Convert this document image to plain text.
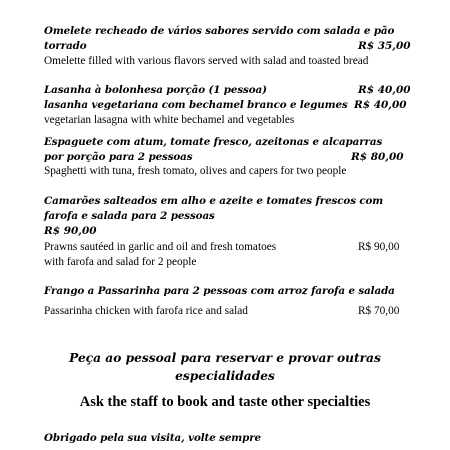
Omelete recheado de vários sabores servido com salada e pão
torrado	R$ 35,00
Omelette filled with various flavors served with salad and toasted bread
Lasanha à bolonhesa porção (1 pessoa)	R$ 40,00
lasanha vegetariana com bechamel branco e legumes R$ 40,00
vegetarian lasagna with white bechamel and vegetables
Espaguete com atum, tomate fresco, azeitonas e alcaparras
por porção para 2 pessoas	R$ 80,00
Spaghetti with tuna, fresh tomato, olives and capers for two people
Camarões salteados em alho e azeite e tomates frescos com
farofa e salada para 2 pessoas
R$ 90,00
Prawns sautéed in garlic and oil and fresh tomatoes	R$ 90,00
with farofa and salad for 2 people
Frango a Passarinha para 2 pessoas com arroz farofa e salada
Passarinha chicken with farofa rice and salad	R$ 70,00
Peça ao pessoal para reservar e provar outras
especialidades
Ask the staff to book and taste other specialties
Obrigado pela sua visita, volte sempre
